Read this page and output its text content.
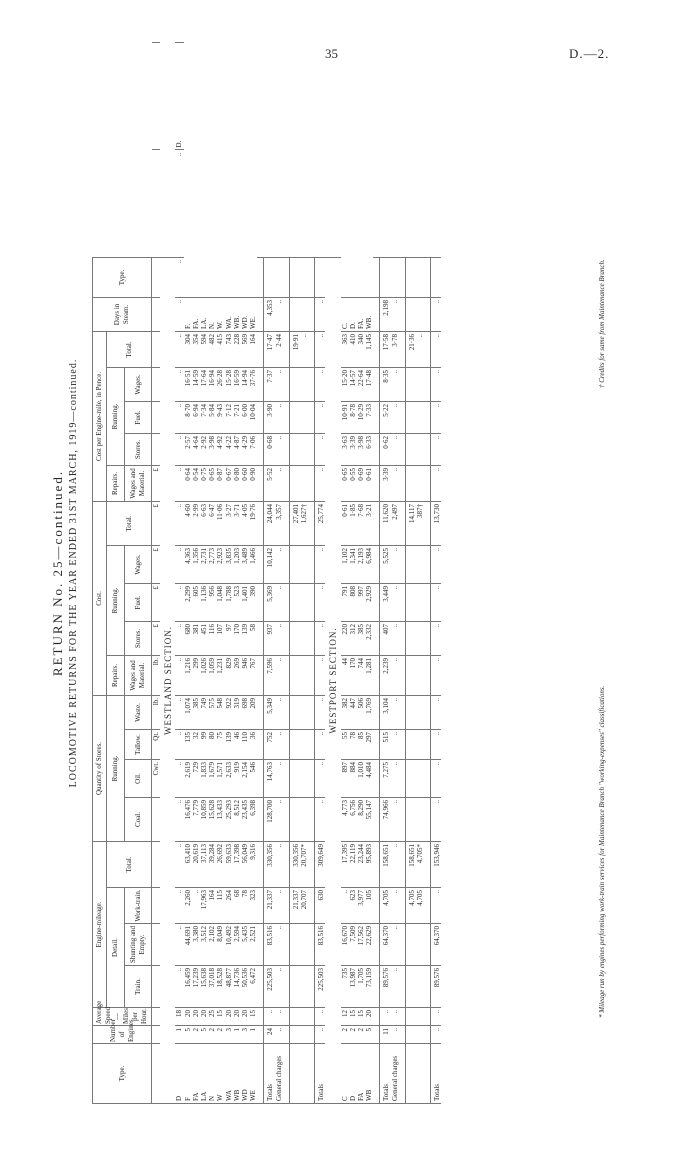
35	D.—2.
RETURN No. 25—continued. LOCOMOTIVE RETURNS FOR THE YEAR ENDED 31ST MARCH, 1919—continued.
Type.	Number of Engines.	Average Speed—Miles per Hour.	Engine-mileage.				Quantity of Stores.				Cost.					Cost per Engine-mile, in Pence.					Days in Steam.	Type.		
			Detail.			Total.	Running.				Repairs.	Running.			Total.	Repairs.	Running.			Total.				
			Train.	Shunting and Empty.	Work-train.		Coal.	Oil.	Tallow.	Waste.	Wages and Material.	Stores.	Fuel.	Wages.		Wages and Material.	Stores.	Fuel.	Wages.					

								Cwt.	Qt.	lb.	lb.	£	£	£	£	£								
WESTLAND SECTION.																								
D	1	18	..	..	..	..	..	..	..	..	..	..	..	..	..	..	..	..	..	..	..	..	..	D.
F	5	20	16,459	44,691	2,260	63,410	16,476	2,619	135	1,074	1,216	680	2,299	4,363	4·60	0·64	2·57	8·70	16·51	304	F.			
FA	2	20	17,239	3,380	..	20,619	7,779	729	32	385	299	381	605	1,356	2·99	0·54	4·64	6·94	14·59	354	FA.			
LA	5	20	15,638	3,512	17,963	37,113	10,859	1,833	99	749	1,026	451	1,136	2,731	6·63	0·75	2·92	7·34	17·64	594	LA.			
N	2	25	37,018	2,102	164	39,284	15,628	1,679	80	575	1,059	116	956	2,773	6·47	0·65	3·98	5·84	16·94	482	N.			
W	2	15	18,528	8,049	115	26,692	13,433	1,571	75	548	1,231	107	1,048	2,923	11·06	0·87	4·92	9·43	26·28	415	W.			
WA	3	20	48,877	10,492	264	59,633	25,293	2,633	139	922	829	97	1,788	3,835	3·27	0·67	4·22	7·12	15·28	743	WA.			
WB	1	20	14,736	2,594	68	17,398	8,512	919	46	319	269	170	523	1,203	3·71	0·80	4·87	7·21	16·59	228	WB.			
WD	3	20	50,536	5,435	78	56,049	23,435	2,154	110	698	946	139	1,401	3,489	4·05	0·60	4·29	6·00	14·94	569	WD.			
WE	1	15	6,472	2,521	323	9,316	6,398	546	36	209	767	58	390	1,466	19·76	0·90	7·06	10·04	37·76	164	WE.			

Totals	24	..	225,503	83,516	21,337	330,356	128,700	14,763	752	5,349	7,596	937	5,369	10,142	24,044	5·52	0·68	3·90	7·37	17·47	4,353			
General charges	..	..	..	..	..	..	..	..	..	..	..	..	..	..	3,357	..	..	..	..	2·44	..			

					21,337	330,356									27,401					19·91				
					20,707	20,707*									1,627†					..				

Totals	..	..	225,503	83,516	630	309,649	..	..	..	..	..	..	..	..	25,774	..	..	..	..	..	..			
WESTPORT SECTION.																								
C	2	12	735	16,670	..	17,395	4,773	897	55	382	44	220	791	1,102	0·61	0·65	3·63	10·91	15·20	363	C.			
D	2	15	13,987	7,509	623	22,119	6,756	884	78	447	170	312	808	1,341	1·85	0·55	3·39	8·78	14·57	410	D.			
FA	2	15	1,705	17,562	3,977	23,244	8,290	1,010	85	506	744	385	997	2,193	7·68	0·69	3·98	10·29	22·64	340	FA.			
WB	5	20	73,159	22,629	105	95,893	55,147	4,484	297	1,769	1,281	2,332	2,929	6,984	3·21	0·61	6·33	7·33	17·48	1,145	WB.			

Totals	11	..	89,576	64,370	4,705	158,651	74,966	7,275	515	3,104	2,239	407	3,449	5,525	11,620	3·39	0·62	5·22	8·35	17·58	2,198			
General charges	..	..	..	..	..	..	..	..	..	..	..	..	..	..	2,497	..	..	..	..	3·78	..			

					4,705	158,651									14,117					21·36				
					4,705	4,705*									387†					..				

Totals	..	..	89,576	64,370	..	153,946	..	..	..	..	..	..	..	..	13,730	..	..	..	..	..	..			
* Mileage run by engines performing work-train services for Maintenance Branch "working-expenses" classifications.
† Credits for same from Maintenance Branch.
